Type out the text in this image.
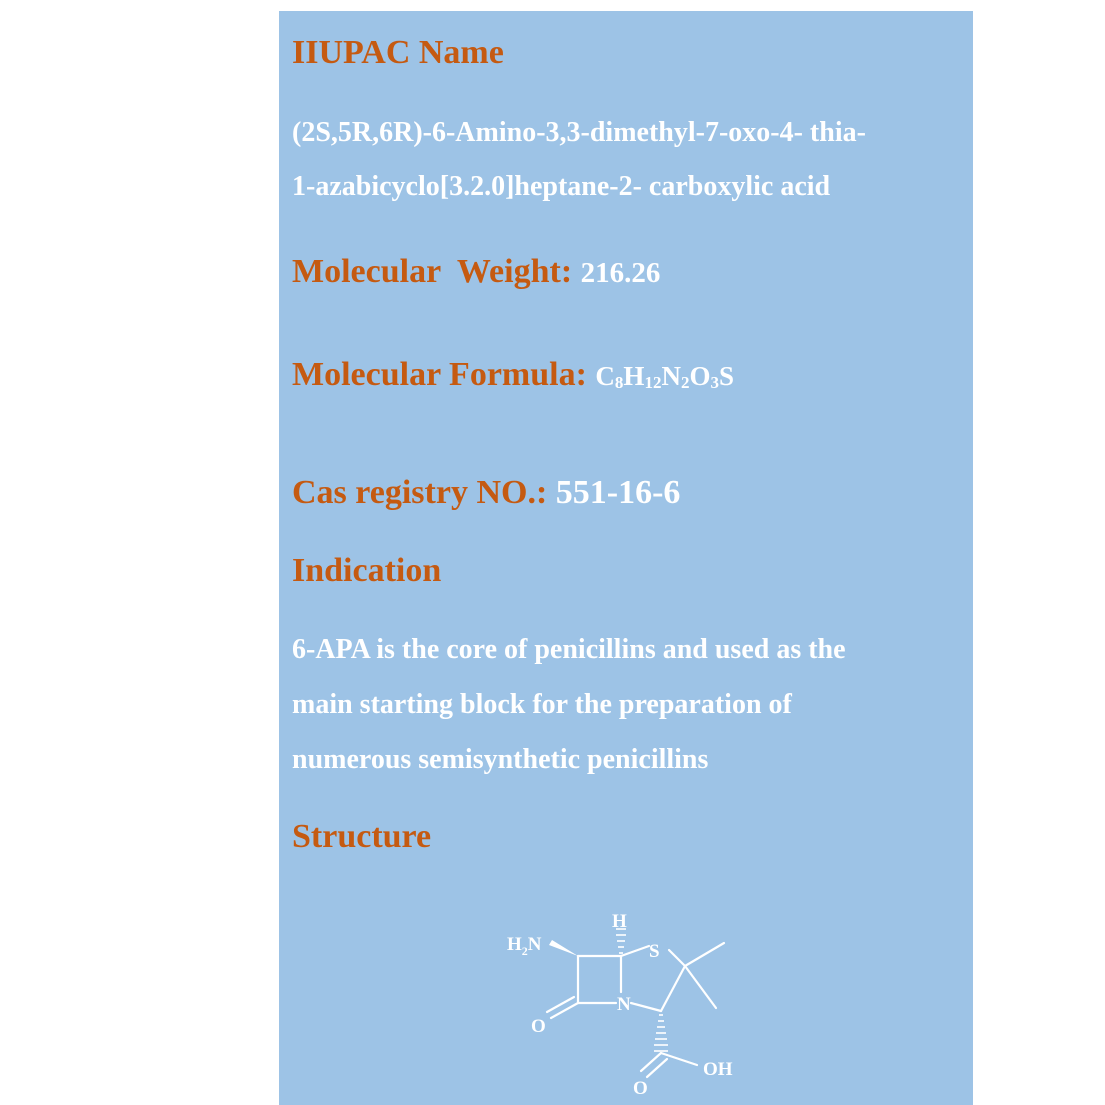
IIUPAC Name
(2S,5R,6R)-6-Amino-3,3-dimethyl-7-oxo-4- thia-
1-azabicyclo[3.2.0]heptane-2- carboxylic acid
Molecular  Weight: 216.26
Molecular Formula: $C_8H_{12}N_2O_3S$
Cas registry NO.: 551-16-6
Indication
6-APA is the core of penicillins and used as the
main starting block for the preparation of
numerous semisynthetic penicillins
Structure
$H_2N$
H
S
N
O
O
OH
